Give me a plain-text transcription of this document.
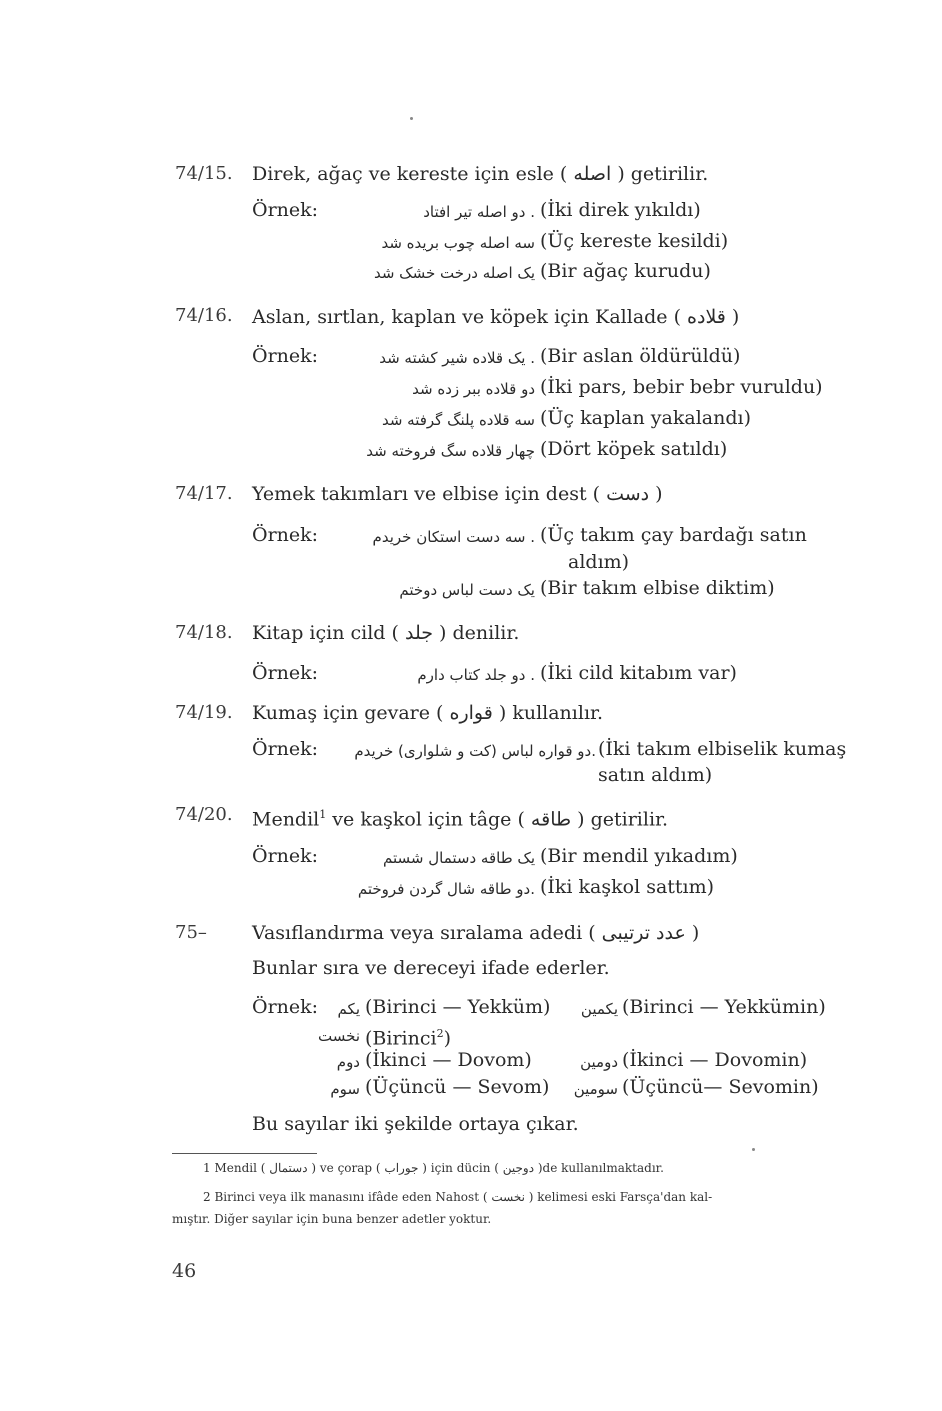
74/15. Direk, ağaç ve kereste için esle ( اصله ) getirilir.
Örnek:	. دو اصله تیر افتاد (İki direk yıkıldı)
سه اصله چوب بریده شد (Üç kereste kesildi)
یک اصله درخت خشک شد (Bir ağaç kurudu)
74/16. Aslan, sırtlan, kaplan ve köpek için Kallade ( قلاده )
Örnek:	. یک قلاده شیر کشته شد (Bir aslan öldürüldü)
دو قلاده ببر زده شد (İki pars, bebir bebr vuruldu)
سه قلاده پلنگ گرفته شد (Üç kaplan yakalandı)
چهار قلاده سگ فروخته شد (Dört köpek satıldı)
74/17. Yemek takımları ve elbise için dest ( دست )
Örnek:	. سه دست استکان خریدم (Üç takım çay bardağı satın
aldım)
یک دست لباس دوختم (Bir takım elbise diktim)
74/18. Kitap için cild ( جلد ) denilir.
Örnek:	. دو جلد کتاب دارم (İki cild kitabım var)
74/19. Kumaş için gevare ( قواره ) kullanılır.
Örnek:	.دو قواره لباس (کت و شلواری) خریدم (İki takım elbiselik kumaş
satın aldım)
74/20. Mendil$^1$ ve kaşkol için tâge ( طاقه ) getirilir.
Örnek:	یک طاقه دستمال شستم (Bir mendil yıkadım)
.دو طاقه شال گردن فروختم (İki kaşkol sattım)
75– Vasıflandırma veya sıralama adedi ( عدد ترتیبی )
Bunlar sıra ve dereceyi ifade ederler.
Örnek:	یکم (Birinci — Yekküm)	یکمین (Birinci — Yekkümin)
نخست (Birinci$^2$)
دوم (İkinci — Dovom)	دومین (İkinci — Dovomin)
سوم (Üçüncü — Sevom)	سومین (Üçüncü— Sevomin)
Bu sayılar iki şekilde ortaya çıkar.
1 Mendil ( دستمال ) ve çorap ( جوراب ) için dücin ( دوجین )de kullanılmaktadır.
2 Birinci veya ilk manasını ifâde eden Nahost ( نخست ) kelimesi eski Farsça'dan kal-
mıştır. Diğer sayılar için buna benzer adetler yoktur.
46
